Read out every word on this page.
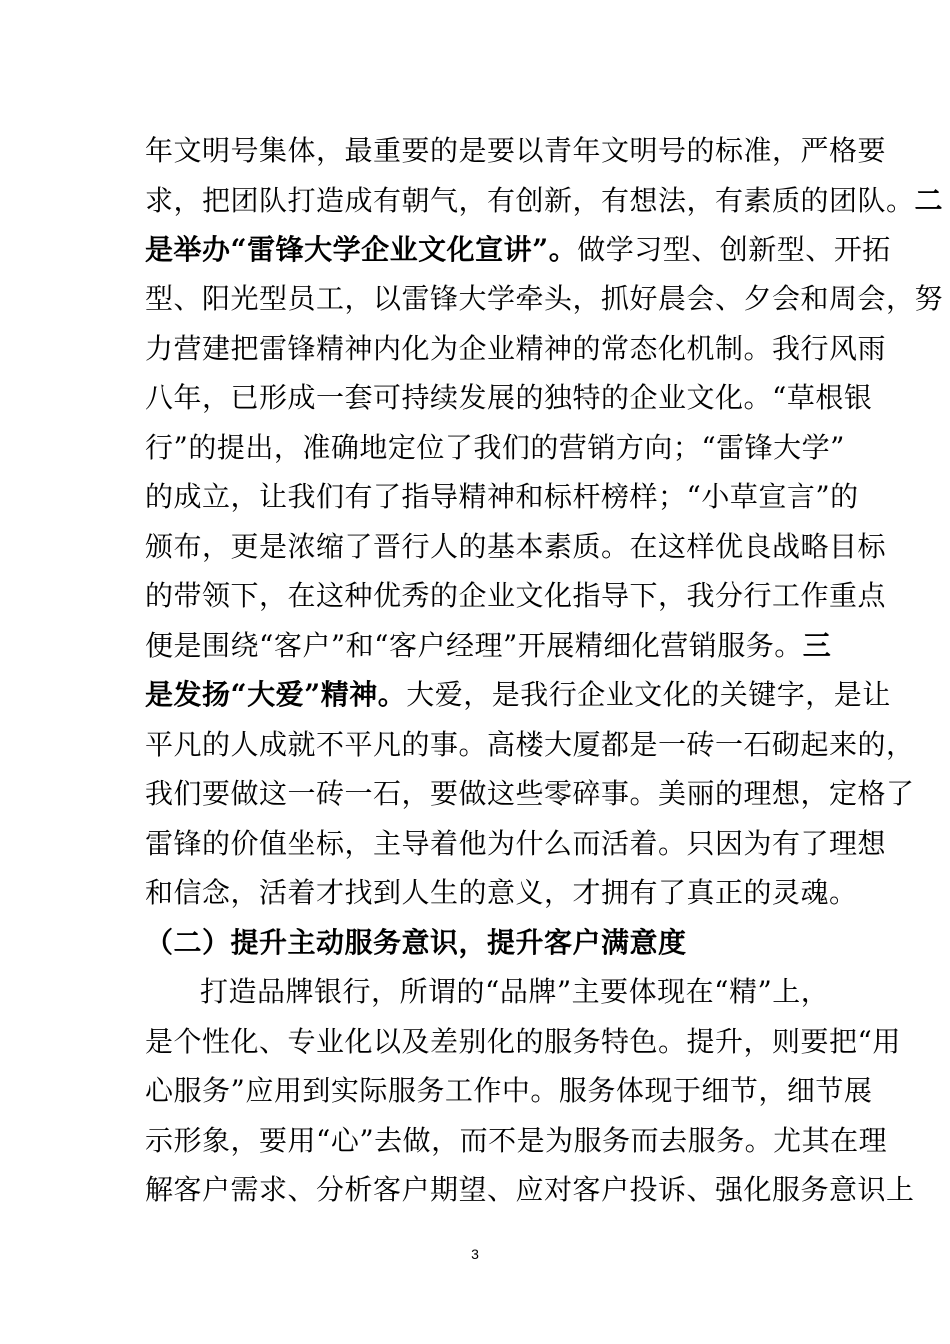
年文明号集体，最重要的是要以青年文明号的标准，严格要
求，把团队打造成有朝气，有创新，有想法，有素质的团队。二
是举办“雷锋大学企业文化宣讲”。做学习型、创新型、开拓
型、阳光型员工，以雷锋大学牵头，抓好晨会、夕会和周会，努
力营建把雷锋精神内化为企业精神的常态化机制。我行风雨
八年，已形成一套可持续发展的独特的企业文化。“草根银
行”的提出，准确地定位了我们的营销方向；“雷锋大学”
的成立，让我们有了指导精神和标杆榜样；“小草宣言”的
颁布，更是浓缩了晋行人的基本素质。在这样优良战略目标
的带领下，在这种优秀的企业文化指导下，我分行工作重点
便是围绕“客户”和“客户经理”开展精细化营销服务。三
是发扬“大爱”精神。大爱，是我行企业文化的关键字，是让
平凡的人成就不平凡的事。高楼大厦都是一砖一石砌起来的，
我们要做这一砖一石，要做这些零碎事。美丽的理想，定格了
雷锋的价值坐标，主导着他为什么而活着。只因为有了理想
和信念，活着才找到人生的意义，才拥有了真正的灵魂。
（二）提升主动服务意识，提升客户满意度
打造品牌银行，所谓的“品牌”主要体现在“精”上，
是个性化、专业化以及差别化的服务特色。提升，则要把“用
心服务”应用到实际服务工作中。服务体现于细节，细节展
示形象，要用“心”去做，而不是为服务而去服务。尤其在理
解客户需求、分析客户期望、应对客户投诉、强化服务意识上
3
